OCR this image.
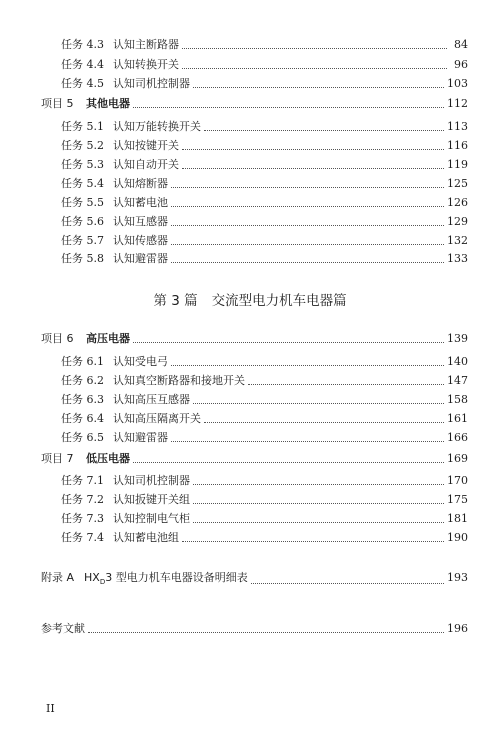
任务 4.3 认知主断路器	84
任务 4.4 认知转换开关	96
任务 4.5 认知司机控制器	103
项目 5	其他电器	112
任务 5.1 认知万能转换开关	113
任务 5.2 认知按键开关	116
任务 5.3 认知自动开关	119
任务 5.4 认知熔断器	125
任务 5.5 认知蓄电池	126
任务 5.6 认知互感器	129
任务 5.7 认知传感器	132
任务 5.8 认知避雷器	133
第 3 篇 交流型电力机车电器篇
项目 6	高压电器	139
任务 6.1 认知受电弓	140
任务 6.2 认知真空断路器和接地开关	147
任务 6.3 认知高压互感器	158
任务 6.4 认知高压隔离开关	161
任务 6.5 认知避雷器	166
项目 7	低压电器	169
任务 7.1 认知司机控制器	170
任务 7.2 认知扳键开关组	175
任务 7.3 认知控制电气柜	181
任务 7.4 认知蓄电池组	190
附录 A $HX_D3$ 型电力机车电器设备明细表	193
参考文献	196
II
